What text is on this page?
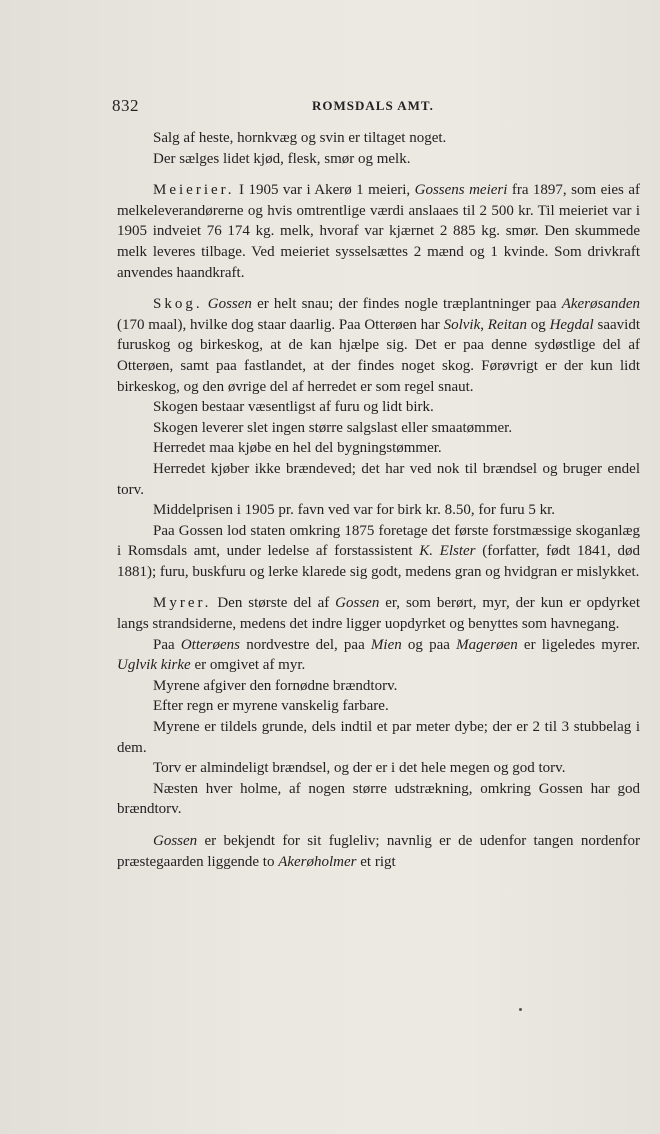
832	ROMSDALS AMT.

Salg af heste, hornkvæg og svin er tiltaget noget.

Der sælges lidet kjød, flesk, smør og melk.

Meierier. I 1905 var i Akerø 1 meieri, Gossens meieri fra 1897, som eies af melkeleverandørerne og hvis omtrentlige værdi anslaaes til 2 500 kr. Til meieriet var i 1905 indveiet 76 174 kg. melk, hvoraf var kjærnet 2 885 kg. smør. Den skummede melk leveres tilbage. Ved meieriet sysselsættes 2 mænd og 1 kvinde. Som drivkraft anvendes haandkraft.

Skog. Gossen er helt snau; der findes nogle træplantninger paa Akerøsanden (170 maal), hvilke dog staar daarlig. Paa Otterøen har Solvik, Reitan og Hegdal saavidt furuskog og birkeskog, at de kan hjælpe sig. Det er paa denne sydøstlige del af Otterøen, samt paa fastlandet, at der findes noget skog. Førøvrigt er der kun lidt birkeskog, og den øvrige del af herredet er som regel snaut.

Skogen bestaar væsentligst af furu og lidt birk.

Skogen leverer slet ingen større salgslast eller smaatømmer.

Herredet maa kjøbe en hel del bygningstømmer.

Herredet kjøber ikke brændeved; det har ved nok til brændsel og bruger endel torv.

Middelprisen i 1905 pr. favn ved var for birk kr. 8.50, for furu 5 kr.

Paa Gossen lod staten omkring 1875 foretage det første forstmæssige skoganlæg i Romsdals amt, under ledelse af forstassistent K. Elster (forfatter, født 1841, død 1881); furu, buskfuru og lerke klarede sig godt, medens gran og hvidgran er mislykket.

Myrer. Den største del af Gossen er, som berørt, myr, der kun er opdyrket langs strandsiderne, medens det indre ligger uopdyrket og benyttes som havnegang.

Paa Otterøens nordvestre del, paa Mien og paa Magerøen er ligeledes myrer. Uglvik kirke er omgivet af myr.

Myrene afgiver den fornødne brændtorv.

Efter regn er myrene vanskelig farbare.

Myrene er tildels grunde, dels indtil et par meter dybe; der er 2 til 3 stubbelag i dem.

Torv er almindeligt brændsel, og der er i det hele megen og god torv.

Næsten hver holme, af nogen større udstrækning, omkring Gossen har god brændtorv.

Gossen er bekjendt for sit fugleliv; navnlig er de udenfor tangen nordenfor præstegaarden liggende to Akerøholmer et rigt
